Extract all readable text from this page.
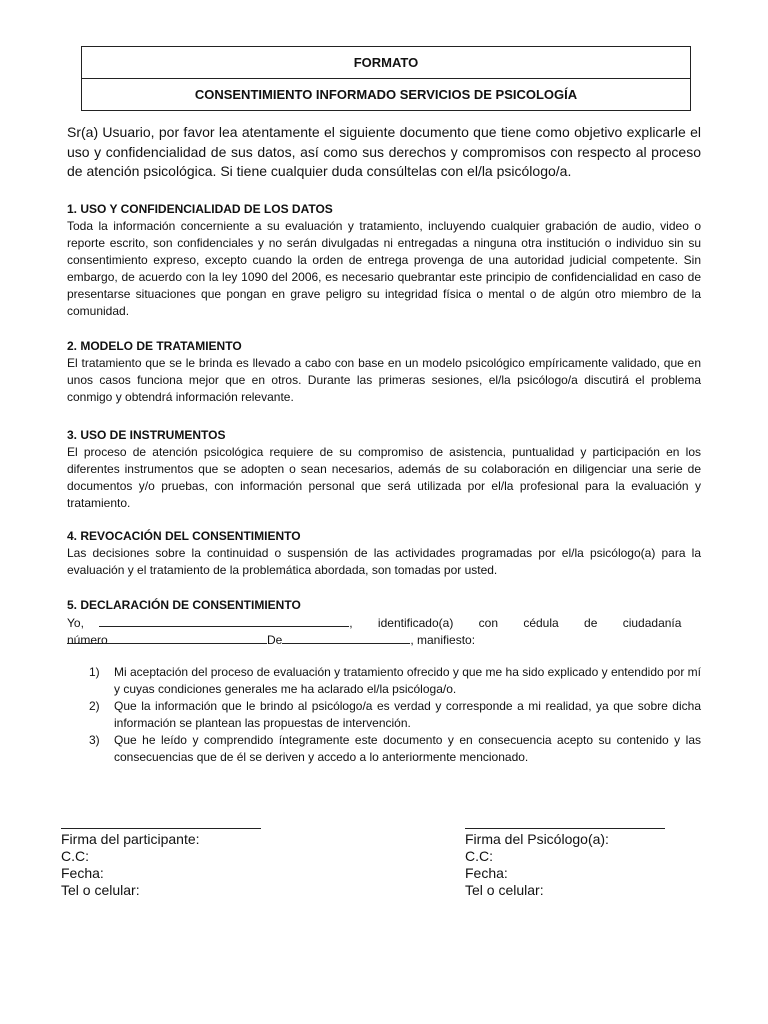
FORMATO
CONSENTIMIENTO INFORMADO SERVICIOS DE PSICOLOGÍA
Sr(a) Usuario, por favor lea atentamente el siguiente documento que tiene como objetivo explicarle el uso y confidencialidad de sus datos, así como sus derechos y compromisos con respecto al proceso de atención psicológica. Si tiene cualquier duda consúltelas con el/la psicólogo/a.
1. USO Y CONFIDENCIALIDAD DE LOS DATOS

Toda la información concerniente a su evaluación y tratamiento, incluyendo cualquier grabación de audio, video o reporte escrito, son confidenciales y no serán divulgadas ni entregadas a ninguna otra institución o individuo sin su consentimiento expreso, excepto cuando la orden de entrega provenga de una autoridad judicial competente. Sin embargo, de acuerdo con la ley 1090 del 2006, es necesario quebrantar este principio de confidencialidad en caso de presentarse situaciones que pongan en grave peligro su integridad física o mental o de algún otro miembro de la comunidad.

2. MODELO DE TRATAMIENTO

El tratamiento que se le brinda es llevado a cabo con base en un modelo psicológico empíricamente validado, que en unos casos funciona mejor que en otros. Durante las primeras sesiones, el/la psicólogo/a discutirá el problema conmigo y obtendrá información relevante.

3. USO DE INSTRUMENTOS

El proceso de atención psicológica requiere de su compromiso de asistencia, puntualidad y participación en los diferentes instrumentos que se adopten o sean necesarios, además de su colaboración en diligenciar una serie de documentos y/o pruebas, con información personal que será utilizada por el/la profesional para la evaluación y tratamiento.

4. REVOCACIÓN DEL CONSENTIMIENTO

Las decisiones sobre la continuidad o suspensión de las actividades programadas por el/la psicólogo(a) para la evaluación y el tratamiento de la problemática abordada, son tomadas por usted.

5. DECLARACIÓN DE CONSENTIMIENTO
Yo,	, identificado(a) con cédula de ciudadanía número	De	, manifiesto:
1) Mi aceptación del proceso de evaluación y tratamiento ofrecido y que me ha sido explicado y entendido por mí y cuyas condiciones generales me ha aclarado el/la psicóloga/o.
2) Que la información que le brindo al psicólogo/a es verdad y corresponde a mi realidad, ya que sobre dicha información se plantean las propuestas de intervención.
3) Que he leído y comprendido íntegramente este documento y en consecuencia acepto su contenido y las consecuencias que de él se deriven y accedo a lo anteriormente mencionado.
Firma del participante:
C.C:
Fecha:
Tel o celular:
Firma del Psicólogo(a):
C.C:
Fecha:
Tel o celular:
